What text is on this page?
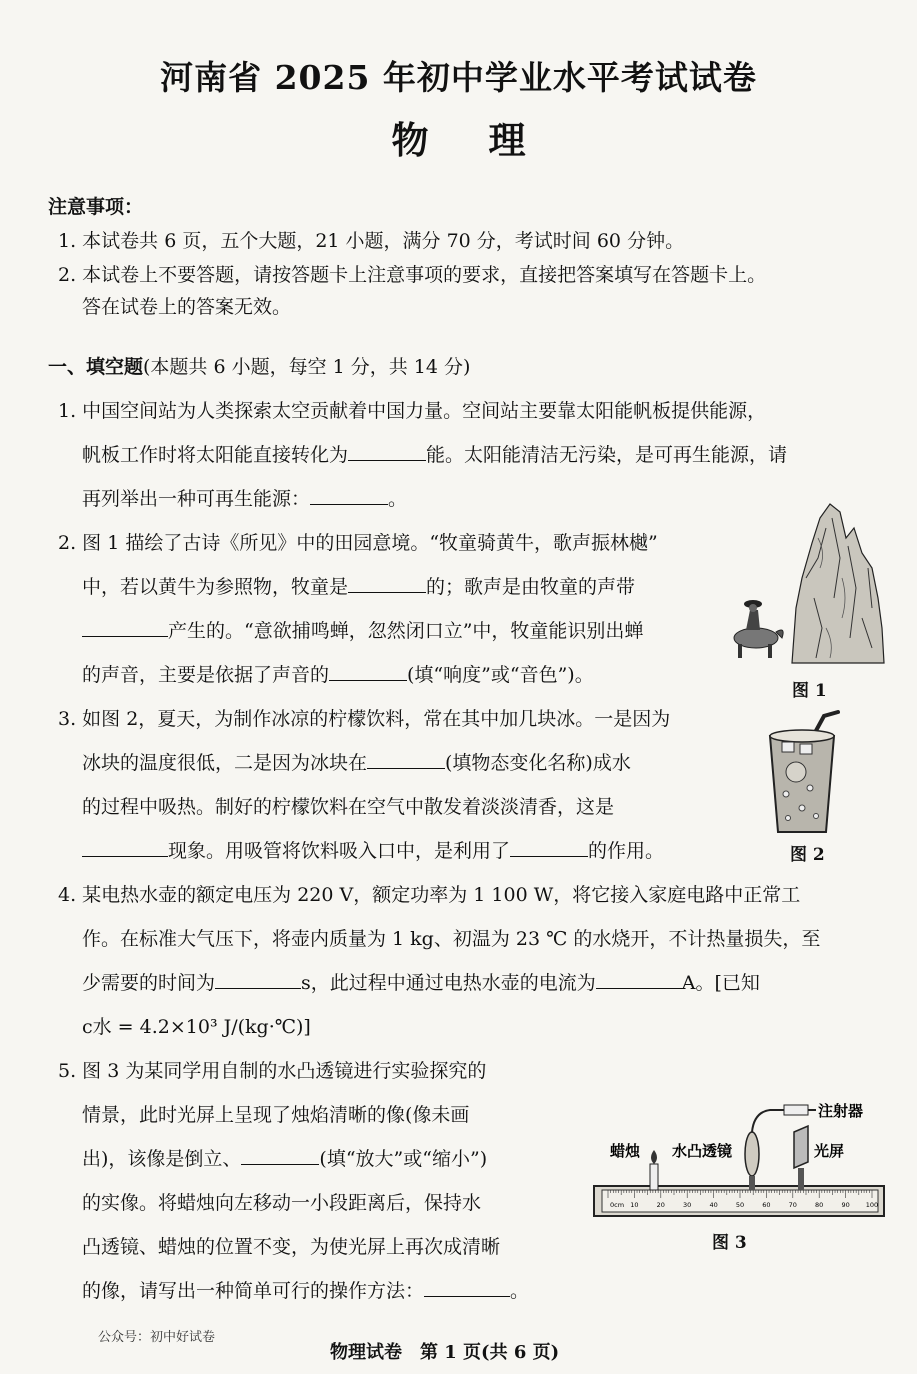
河南省 2025 年初中学业水平考试试卷
物理
注意事项：
1. 本试卷共 6 页，五个大题，21 小题，满分 70 分，考试时间 60 分钟。
2. 本试卷上不要答题，请按答题卡上注意事项的要求，直接把答案填写在答题卡上。
答在试卷上的答案无效。
一、填空题(本题共 6 小题，每空 1 分，共 14 分)
1. 中国空间站为人类探索太空贡献着中国力量。空间站主要靠太阳能帆板提供能源，
帆板工作时将太阳能直接转化为	能。太阳能清洁无污染，是可再生能源，请
再列举出一种可再生能源：	。
2. 图 1 描绘了古诗《所见》中的田园意境。“牧童骑黄牛，歌声振林樾”
中，若以黄牛为参照物，牧童是	的；歌声是由牧童的声带
产生的。“意欲捕鸣蝉，忽然闭口立”中，牧童能识别出蝉
的声音，主要是依据了声音的	(填“响度”或“音色”)。
图 1
3. 如图 2，夏天，为制作冰凉的柠檬饮料，常在其中加几块冰。一是因为
冰块的温度很低，二是因为冰块在	(填物态变化名称)成水
的过程中吸热。制好的柠檬饮料在空气中散发着淡淡清香，这是
现象。用吸管将饮料吸入口中，是利用了	的作用。	图 2
4. 某电热水壶的额定电压为 220 V，额定功率为 1 100 W，将它接入家庭电路中正常工
作。在标准大气压下，将壶内质量为 1 kg、初温为 23 ℃ 的水烧开，不计热量损失，至
少需要的时间为	s，此过程中通过电热水壶的电流为	A。[已知
c水 = 4.2×10³ J/(kg·℃)]
5. 图 3 为某同学用自制的水凸透镜进行实验探究的
情景，此时光屏上呈现了烛焰清晰的像(像未画
出)，该像是倒立、	(填“放大”或“缩小”)
的实像。将蜡烛向左移动一小段距离后，保持水
凸透镜、蜡烛的位置不变，为使光屏上再次成清晰
的像，请写出一种简单可行的操作方法：	。
0cm 10	20	30	40	50	60	70	80	90 100
注射器
蜡烛 水凸透镜	光屏
图 3
公众号：初中好试卷
物理试卷　第 1 页(共 6 页)
